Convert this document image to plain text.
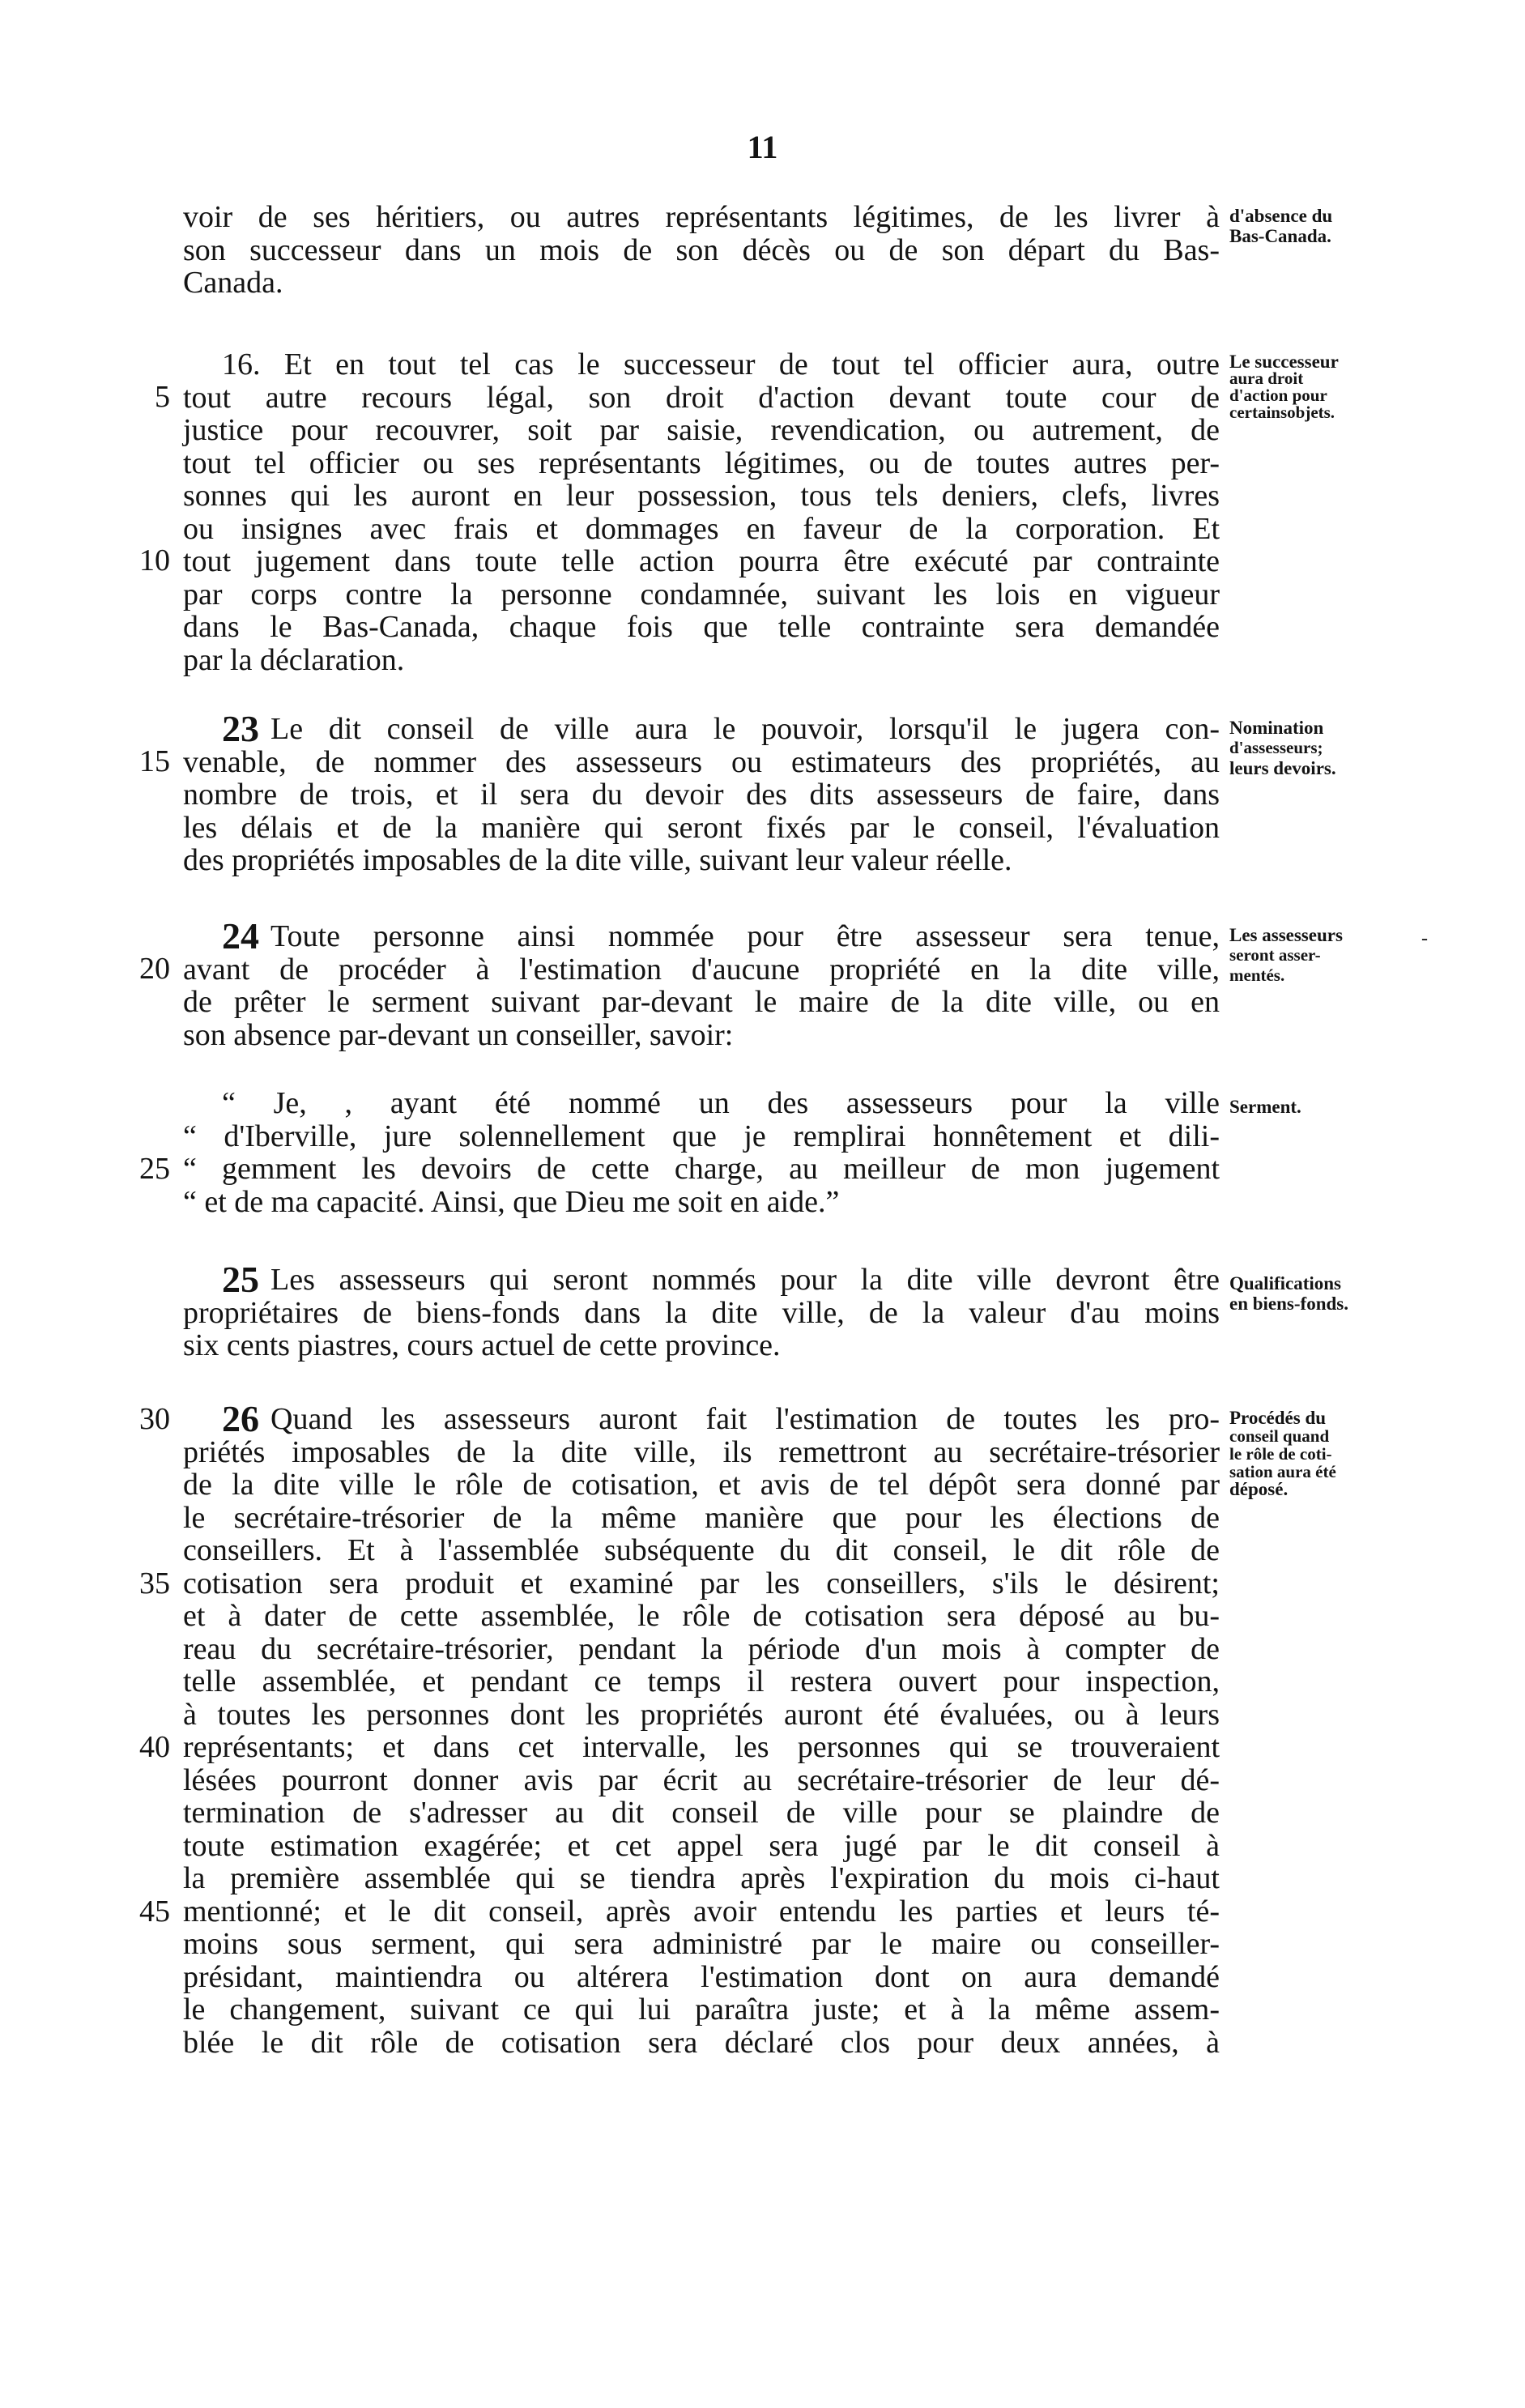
11
voir de ses héritiers, ou autres représentants légitimes, de les livrer à
son successeur dans un mois de son décès ou de son départ du Bas-
Canada.
16. Et en tout tel cas le successeur de tout tel officier aura, outre
tout autre recours légal, son droit d'action devant toute cour de
justice pour recouvrer, soit par saisie, revendication, ou autrement, de
tout tel officier ou ses représentants légitimes, ou de toutes autres per-
sonnes qui les auront en leur possession, tous tels deniers, clefs, livres
ou insignes avec frais et dommages en faveur de la corporation. Et
tout jugement dans toute telle action pourra être exécuté par contrainte
par corps contre la personne condamnée, suivant les lois en vigueur
dans le Bas-Canada, chaque fois que telle contrainte sera demandée
par la déclaration.
23 Le dit conseil de ville aura le pouvoir, lorsqu'il le jugera con-
venable, de nommer des assesseurs ou estimateurs des propriétés, au
nombre de trois, et il sera du devoir des dits assesseurs de faire, dans
les délais et de la manière qui seront fixés par le conseil, l'évaluation
des propriétés imposables de la dite ville, suivant leur valeur réelle.
24 Toute personne ainsi nommée pour être assesseur sera tenue,
avant de procéder à l'estimation d'aucune propriété en la dite ville,
de prêter le serment suivant par-devant le maire de la dite ville, ou en
son absence par-devant un conseiller, savoir:
“ Je, , ayant été nommé un des assesseurs pour la ville
“ d'Iberville, jure solennellement que je remplirai honnêtement et dili-
“ gemment les devoirs de cette charge, au meilleur de mon jugement
“ et de ma capacité. Ainsi, que Dieu me soit en aide.”
25 Les assesseurs qui seront nommés pour la dite ville devront être
propriétaires de biens-fonds dans la dite ville, de la valeur d'au moins
six cents piastres, cours actuel de cette province.
26 Quand les assesseurs auront fait l'estimation de toutes les pro-
priétés imposables de la dite ville, ils remettront au secrétaire-trésorier
de la dite ville le rôle de cotisation, et avis de tel dépôt sera donné par
le secrétaire-trésorier de la même manière que pour les élections de
conseillers. Et à l'assemblée subséquente du dit conseil, le dit rôle de
cotisation sera produit et examiné par les conseillers, s'ils le désirent;
et à dater de cette assemblée, le rôle de cotisation sera déposé au bu-
reau du secrétaire-trésorier, pendant la période d'un mois à compter de
telle assemblée, et pendant ce temps il restera ouvert pour inspection,
à toutes les personnes dont les propriétés auront été évaluées, ou à leurs
représentants; et dans cet intervalle, les personnes qui se trouveraient
lésées pourront donner avis par écrit au secrétaire-trésorier de leur dé-
termination de s'adresser au dit conseil de ville pour se plaindre de
toute estimation exagérée; et cet appel sera jugé par le dit conseil à
la première assemblée qui se tiendra après l'expiration du mois ci-haut
mentionné; et le dit conseil, après avoir entendu les parties et leurs té-
moins sous serment, qui sera administré par le maire ou conseiller-
présidant, maintiendra ou altérera l'estimation dont on aura demandé
le changement, suivant ce qui lui paraîtra juste; et à la même assem-
blée le dit rôle de cotisation sera déclaré clos pour deux années, à
5
10
15
20
25
30
35
40
45
d'absence du
Bas-Canada.
Le successeur
aura droit
d'action pour
certainsobjets.
Nomination
d'assesseurs;
leurs devoirs.
Les assesseurs
seront asser-
mentés.
Serment.
Qualifications
en biens-fonds.
Procédés du
conseil quand
le rôle de coti-
sation aura été
déposé.
-
